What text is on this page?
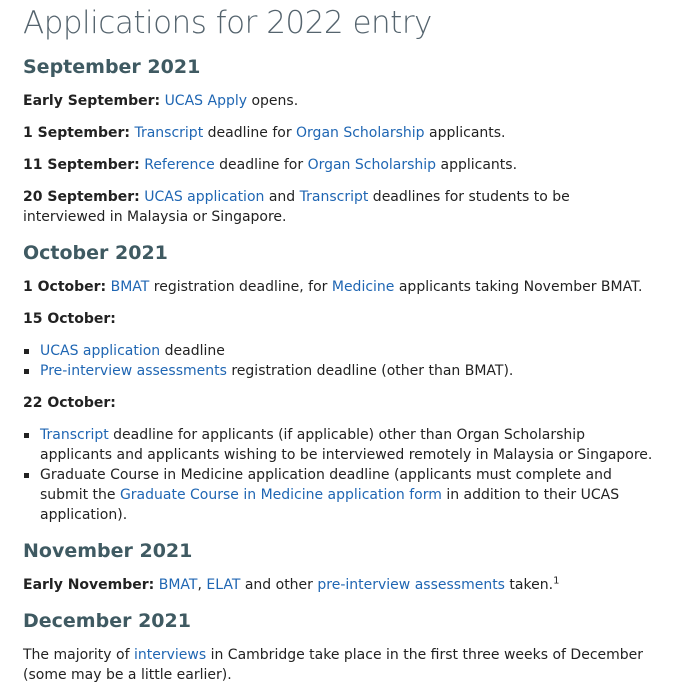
Applications for 2022 entry
September 2021

Early September: UCAS Apply opens.

1 September: Transcript deadline for Organ Scholarship applicants.

11 September: Reference deadline for Organ Scholarship applicants.

20 September: UCAS application and Transcript deadlines for students to be interviewed in Malaysia or Singapore.

October 2021

1 October: BMAT registration deadline, for Medicine applicants taking November BMAT.

15 October:

UCAS application deadline
Pre-interview assessments registration deadline (other than BMAT).

22 October:

Transcript deadline for applicants (if applicable) other than Organ Scholarship applicants and applicants wishing to be interviewed remotely in Malaysia or Singapore.
Graduate Course in Medicine application deadline (applicants must complete and submit the Graduate Course in Medicine application form in addition to their UCAS application).
November 2021

Early November: BMAT, ELAT and other pre-interview assessments taken.$^1$

December 2021

The majority of interviews in Cambridge take place in the first three weeks of December (some may be a little earlier).
